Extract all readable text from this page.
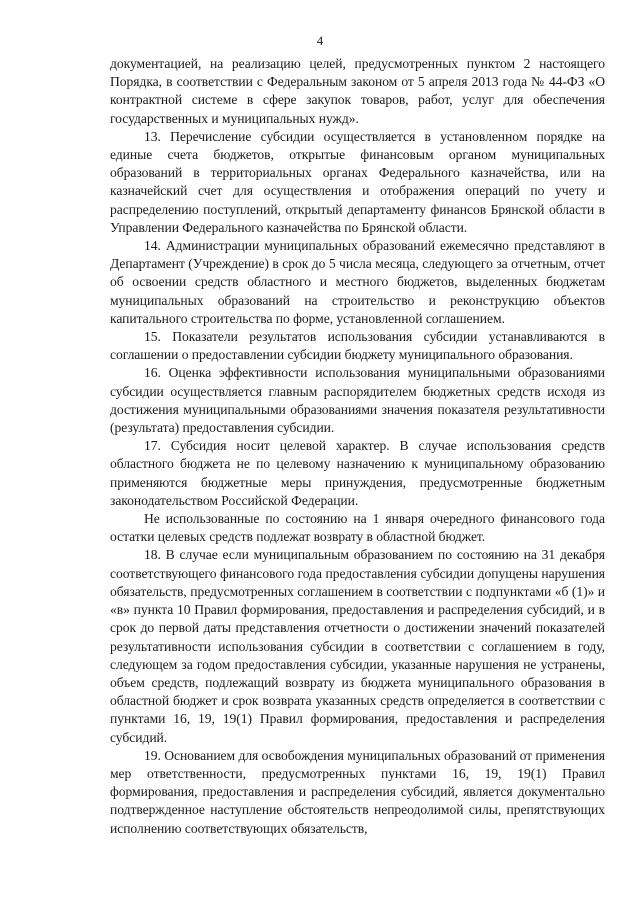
4

документацией, на реализацию целей, предусмотренных пунктом 2 настоящего Порядка, в соответствии с Федеральным законом от 5 апреля 2013 года № 44-ФЗ «О контрактной системе в сфере закупок товаров, работ, услуг для обеспечения государственных и муниципальных нужд».

13. Перечисление субсидии осуществляется в установленном порядке на единые счета бюджетов, открытые финансовым органом муниципальных образований в территориальных органах Федерального казначейства, или на казначейский счет для осуществления и отображения операций по учету и распределению поступлений, открытый департаменту финансов Брянской области в Управлении Федерального казначейства по Брянской области.

14. Администрации муниципальных образований ежемесячно представляют в Департамент (Учреждение) в срок до 5 числа месяца, следующего за отчетным, отчет об освоении средств областного и местного бюджетов, выделенных бюджетам муниципальных образований на строительство и реконструкцию объектов капитального строительства по форме, установленной соглашением.

15. Показатели результатов использования субсидии устанавливаются в соглашении о предоставлении субсидии бюджету муниципального образования.

16. Оценка эффективности использования муниципальными образованиями субсидии осуществляется главным распорядителем бюджетных средств исходя из достижения муниципальными образованиями значения показателя результативности (результата) предоставления субсидии.

17. Субсидия носит целевой характер. В случае использования средств областного бюджета не по целевому назначению к муниципальному образованию применяются бюджетные меры принуждения, предусмотренные бюджетным законодательством Российской Федерации.

Не использованные по состоянию на 1 января очередного финансового года остатки целевых средств подлежат возврату в областной бюджет.

18. В случае если муниципальным образованием по состоянию на 31 декабря соответствующего финансового года предоставления субсидии допущены нарушения обязательств, предусмотренных соглашением в соответствии с подпунктами «б (1)» и «в» пункта 10 Правил формирования, предоставления и распределения субсидий, и в срок до первой даты представления отчетности о достижении значений показателей результативности использования субсидии в соответствии с соглашением в году, следующем за годом предоставления субсидии, указанные нарушения не устранены, объем средств, подлежащий возврату из бюджета муниципального образования в областной бюджет и срок возврата указанных средств определяется в соответствии с пунктами 16, 19, 19(1) Правил формирования, предоставления и распределения субсидий.

19. Основанием для освобождения муниципальных образований от применения мер ответственности, предусмотренных пунктами 16, 19, 19(1) Правил формирования, предоставления и распределения субсидий, является документально подтвержденное наступление обстоятельств непреодолимой силы, препятствующих исполнению соответствующих обязательств,
